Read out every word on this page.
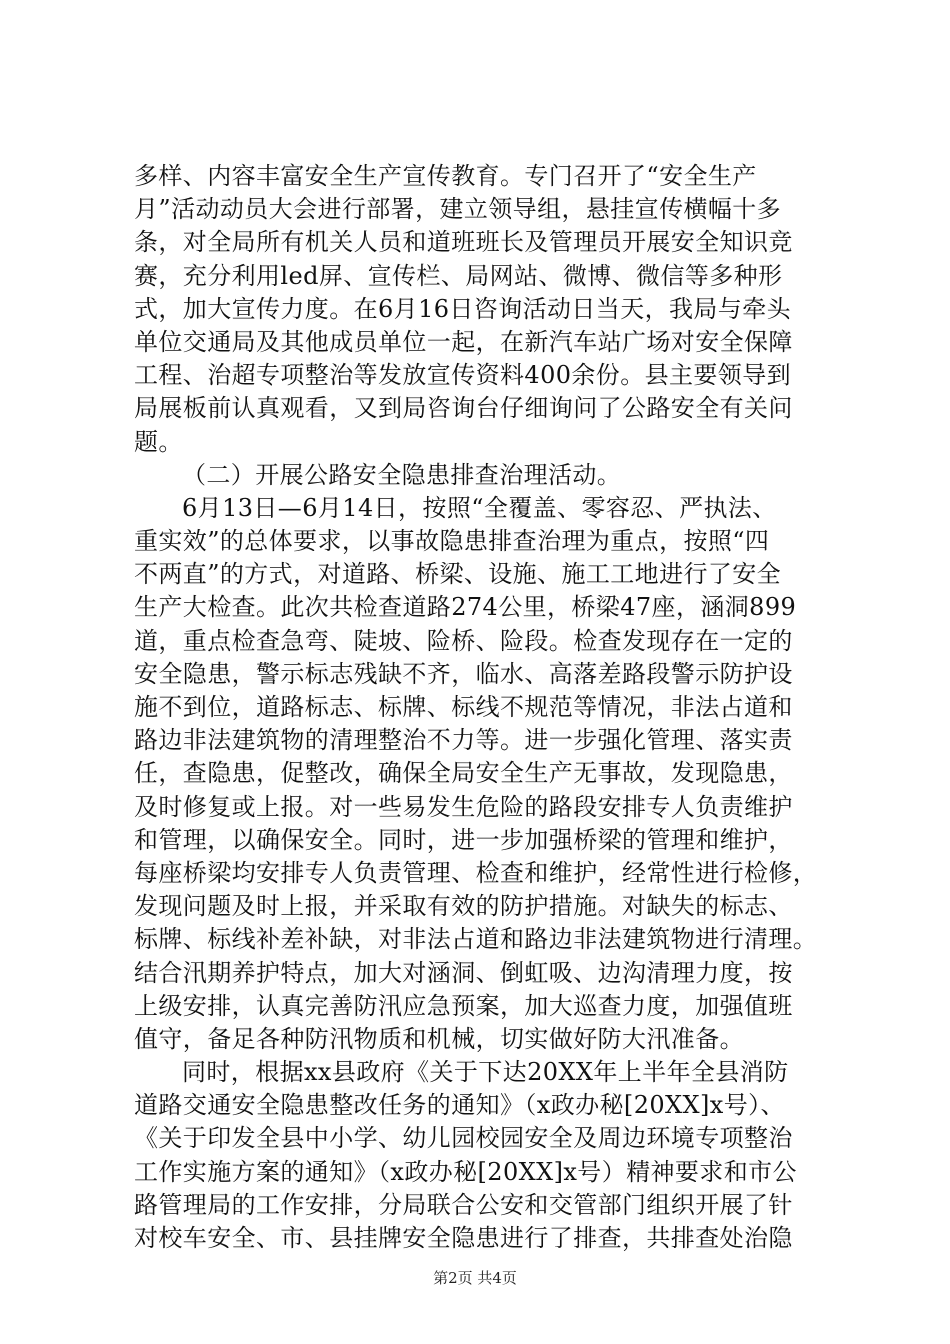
多样、内容丰富安全生产宣传教育。专门召开了“安全生产
月”活动动员大会进行部署，建立领导组，悬挂宣传横幅十多
条，对全局所有机关人员和道班班长及管理员开展安全知识竞
赛，充分利用led屏、宣传栏、局网站、微博、微信等多种形
式，加大宣传力度。在6月16日咨询活动日当天，我局与牵头
单位交通局及其他成员单位一起，在新汽车站广场对安全保障
工程、治超专项整治等发放宣传资料400余份。县主要领导到
局展板前认真观看，又到局咨询台仔细询问了公路安全有关问
题。
（二）开展公路安全隐患排查治理活动。
6月13日—6月14日，按照“全覆盖、零容忍、严执法、
重实效”的总体要求，以事故隐患排查治理为重点，按照“四
不两直”的方式，对道路、桥梁、设施、施工工地进行了安全
生产大检查。此次共检查道路274公里，桥梁47座，涵洞899
道，重点检查急弯、陡坡、险桥、险段。检查发现存在一定的
安全隐患，警示标志残缺不齐，临水、高落差路段警示防护设
施不到位，道路标志、标牌、标线不规范等情况，非法占道和
路边非法建筑物的清理整治不力等。进一步强化管理、落实责
任，查隐患，促整改，确保全局安全生产无事故，发现隐患，
及时修复或上报。对一些易发生危险的路段安排专人负责维护
和管理，以确保安全。同时，进一步加强桥梁的管理和维护，
每座桥梁均安排专人负责管理、检查和维护，经常性进行检修，
发现问题及时上报，并采取有效的防护措施。对缺失的标志、
标牌、标线补差补缺，对非法占道和路边非法建筑物进行清理。
结合汛期养护特点，加大对涵洞、倒虹吸、边沟清理力度，按
上级安排，认真完善防汛应急预案，加大巡查力度，加强值班
值守，备足各种防汛物质和机械，切实做好防大汛准备。
同时，根据xx县政府《关于下达20XX年上半年全县消防
道路交通安全隐患整改任务的通知》（x政办秘[20XX]x号）、
《关于印发全县中小学、幼儿园校园安全及周边环境专项整治
工作实施方案的通知》（x政办秘[20XX]x号）精神要求和市公
路管理局的工作安排，分局联合公安和交管部门组织开展了针
对校车安全、市、县挂牌安全隐患进行了排查，共排查处治隐
第2页 共4页
